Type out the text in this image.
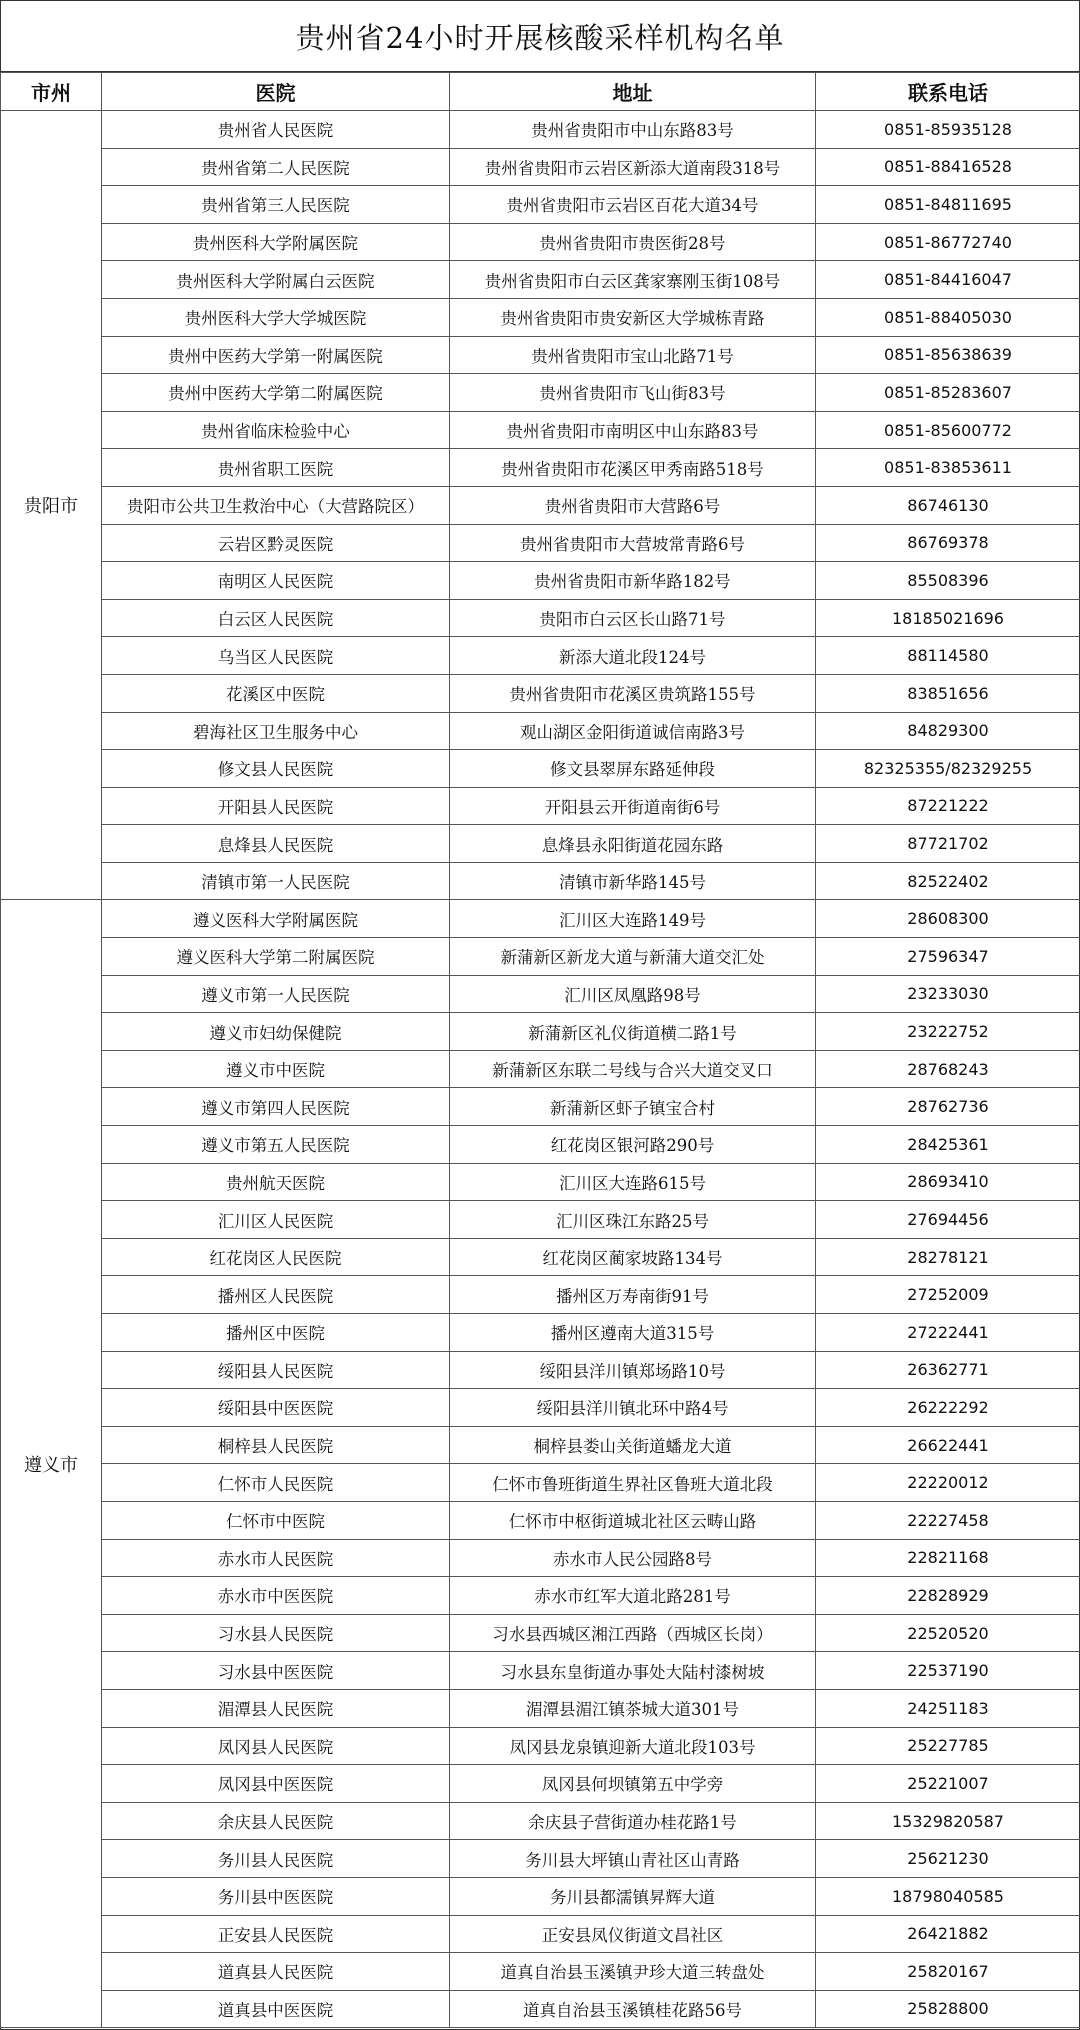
贵州省24小时开展核酸采样机构名单
市州	医院	地址	联系电话
贵阳市	贵州省人民医院	贵州省贵阳市中山东路83号	0851-85935128
	贵州省第二人民医院	贵州省贵阳市云岩区新添大道南段318号	0851-88416528
	贵州省第三人民医院	贵州省贵阳市云岩区百花大道34号	0851-84811695
	贵州医科大学附属医院	贵州省贵阳市贵医街28号	0851-86772740
	贵州医科大学附属白云医院	贵州省贵阳市白云区龚家寨刚玉街108号	0851-84416047
	贵州医科大学大学城医院	贵州省贵阳市贵安新区大学城栋青路	0851-88405030
	贵州中医药大学第一附属医院	贵州省贵阳市宝山北路71号	0851-85638639
	贵州中医药大学第二附属医院	贵州省贵阳市飞山街83号	0851-85283607
	贵州省临床检验中心	贵州省贵阳市南明区中山东路83号	0851-85600772
	贵州省职工医院	贵州省贵阳市花溪区甲秀南路518号	0851-83853611
	贵阳市公共卫生救治中心（大营路院区）	贵州省贵阳市大营路6号	86746130
	云岩区黔灵医院	贵州省贵阳市大营坡常青路6号	86769378
	南明区人民医院	贵州省贵阳市新华路182号	85508396
	白云区人民医院	贵阳市白云区长山路71号	18185021696
	乌当区人民医院	新添大道北段124号	88114580
	花溪区中医院	贵州省贵阳市花溪区贵筑路155号	83851656
	碧海社区卫生服务中心	观山湖区金阳街道诚信南路3号	84829300
	修文县人民医院	修文县翠屏东路延伸段	82325355/82329255
	开阳县人民医院	开阳县云开街道南街6号	87221222
	息烽县人民医院	息烽县永阳街道花园东路	87721702
	清镇市第一人民医院	清镇市新华路145号	82522402
遵义市	遵义医科大学附属医院	汇川区大连路149号	28608300
	遵义医科大学第二附属医院	新蒲新区新龙大道与新蒲大道交汇处	27596347
	遵义市第一人民医院	汇川区凤凰路98号	23233030
	遵义市妇幼保健院	新蒲新区礼仪街道横二路1号	23222752
	遵义市中医院	新蒲新区东联二号线与合兴大道交叉口	28768243
	遵义市第四人民医院	新蒲新区虾子镇宝合村	28762736
	遵义市第五人民医院	红花岗区银河路290号	28425361
	贵州航天医院	汇川区大连路615号	28693410
	汇川区人民医院	汇川区珠江东路25号	27694456
	红花岗区人民医院	红花岗区蔺家坡路134号	28278121
	播州区人民医院	播州区万寿南街91号	27252009
	播州区中医院	播州区遵南大道315号	27222441
	绥阳县人民医院	绥阳县洋川镇郑场路10号	26362771
	绥阳县中医医院	绥阳县洋川镇北环中路4号	26222292
	桐梓县人民医院	桐梓县娄山关街道蟠龙大道	26622441
	仁怀市人民医院	仁怀市鲁班街道生界社区鲁班大道北段	22220012
	仁怀市中医院	仁怀市中枢街道城北社区云畴山路	22227458
	赤水市人民医院	赤水市人民公园路8号	22821168
	赤水市中医医院	赤水市红军大道北路281号	22828929
	习水县人民医院	习水县西城区湘江西路（西城区长岗）	22520520
	习水县中医医院	习水县东皇街道办事处大陆村漆树坡	22537190
	湄潭县人民医院	湄潭县湄江镇茶城大道301号	24251183
	凤冈县人民医院	凤冈县龙泉镇迎新大道北段103号	25227785
	凤冈县中医医院	凤冈县何坝镇第五中学旁	25221007
	余庆县人民医院	余庆县子营街道办桂花路1号	15329820587
	务川县人民医院	务川县大坪镇山青社区山青路	25621230
	务川县中医医院	务川县都濡镇昇辉大道	18798040585
	正安县人民医院	正安县凤仪街道文昌社区	26421882
	道真县人民医院	道真自治县玉溪镇尹珍大道三转盘处	25820167
	道真县中医医院	道真自治县玉溪镇桂花路56号	25828800
